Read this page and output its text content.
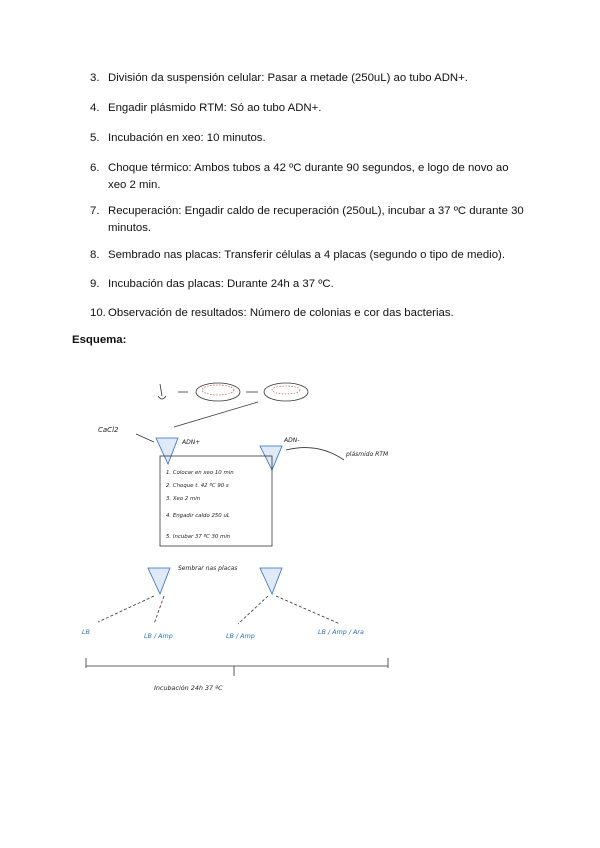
3. División da suspensión celular: Pasar a metade (250uL) ao tubo ADN+.
4. Engadir plásmido RTM: Só ao tubo ADN+.
5. Incubación en xeo: 10 minutos.
6. Choque térmico: Ambos tubos a 42 ºC durante 90 segundos, e logo de novo ao xeo 2 min.
7. Recuperación: Engadir caldo de recuperación (250uL), incubar a 37 ºC durante 30 minutos.
8. Sembrado nas placas: Transferir células a 4 placas (segundo o tipo de medio).
9. Incubación das placas: Durante 24h a 37 ºC.
10. Observación de resultados: Número de colonias e cor das bacterias.
Esquema:
CaCl2
ADN+	ADN-
plásmido RTM
1. Colocar en xeo 10 min
2. Choque t. 42 ºC 90 s
3. Xeo 2 min
4. Engadir caldo 250 uL
5. Incubar 37 ºC 30 min
Sembrar nas placas
LB	LB / Amp	LB / Amp	LB / Amp / Ara
Incubación 24h 37 ºC
